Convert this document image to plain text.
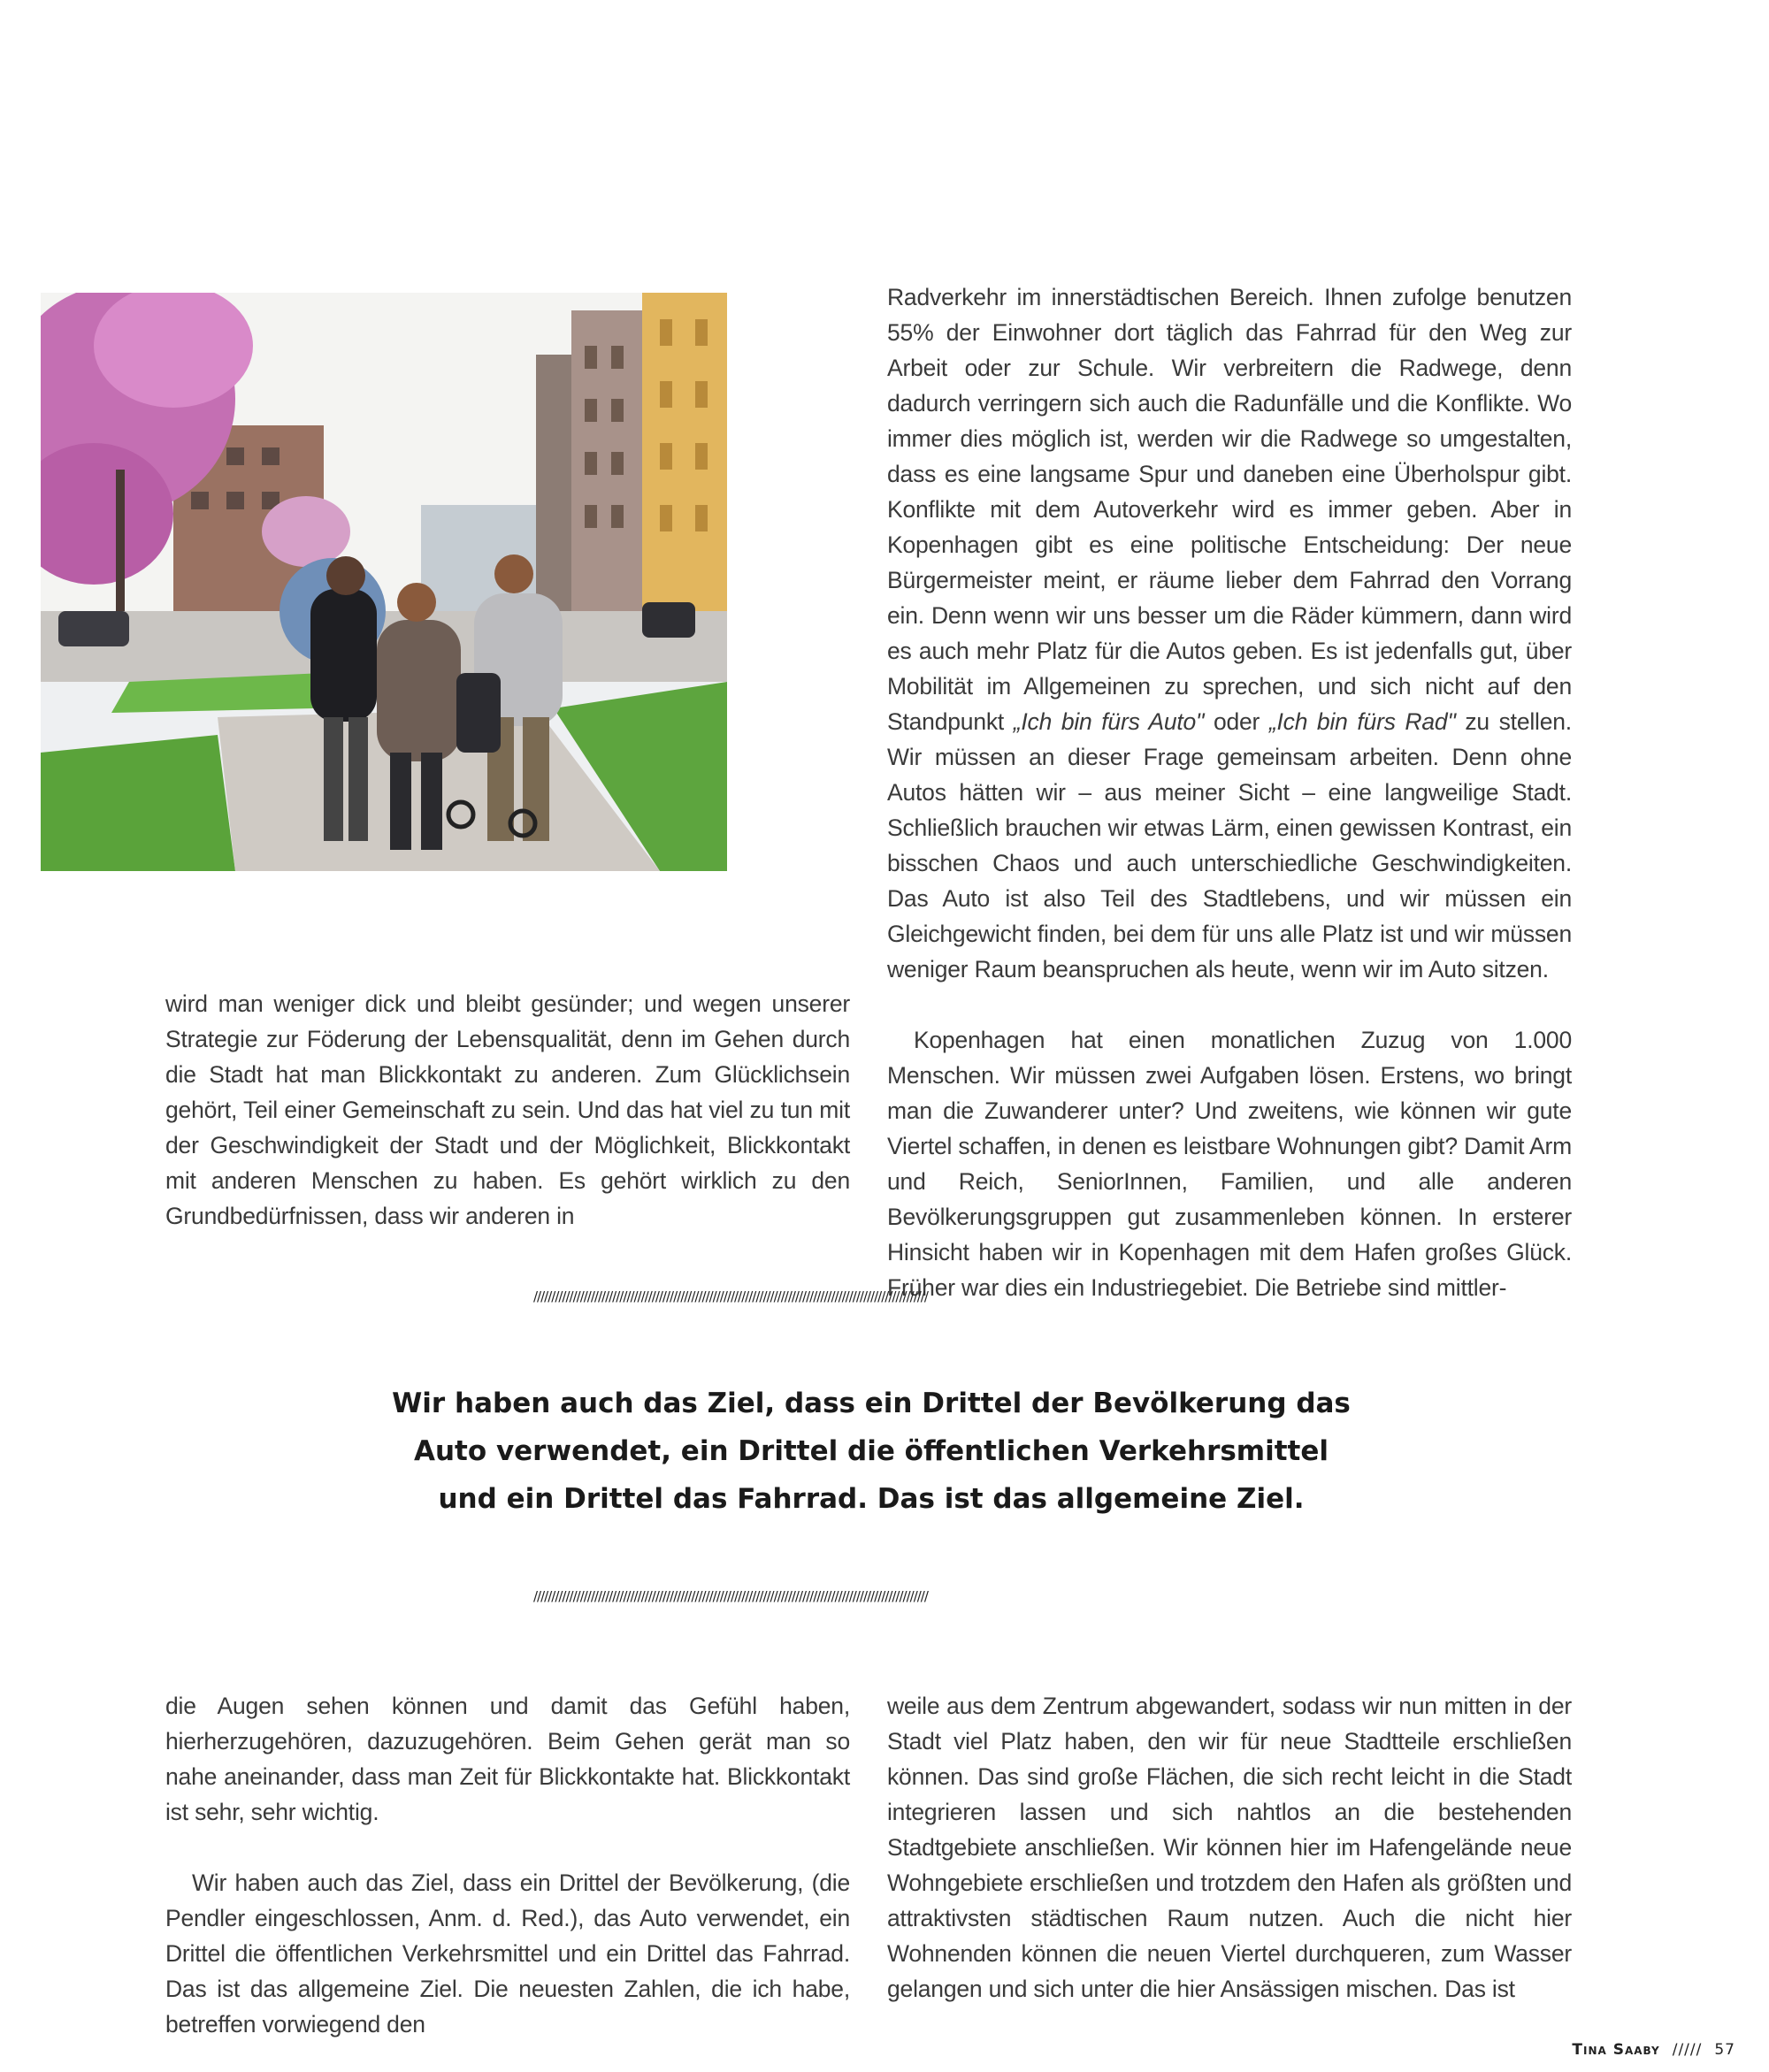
Radverkehr im innerstädtischen Bereich. Ihnen zufolge benutzen 55% der Einwohner dort täglich das Fahrrad für den Weg zur Arbeit oder zur Schule. Wir verbreitern die Radwege, denn dadurch verringern sich auch die Radunfälle und die Konflikte. Wo immer dies möglich ist, werden wir die Radwege so umgestalten, dass es eine langsame Spur und daneben eine Überholspur gibt. Konflikte mit dem Autoverkehr wird es immer geben. Aber in Kopenhagen gibt es eine politische Entscheidung: Der neue Bürgermeister meint, er räume lieber dem Fahrrad den Vorrang ein. Denn wenn wir uns besser um die Räder kümmern, dann wird es auch mehr Platz für die Autos geben. Es ist jedenfalls gut, über Mobilität im Allgemeinen zu sprechen, und sich nicht auf den Standpunkt „Ich bin fürs Auto" oder „Ich bin fürs Rad" zu stellen. Wir müssen an dieser Frage gemeinsam arbeiten. Denn ohne Autos hätten wir – aus meiner Sicht – eine langweilige Stadt. Schließlich brauchen wir etwas Lärm, einen gewissen Kontrast, ein bisschen Chaos und auch unterschiedliche Geschwindigkeiten. Das Auto ist also Teil des Stadtlebens, und wir müssen ein Gleichgewicht finden, bei dem für uns alle Platz ist und wir müssen weniger Raum beanspruchen als heute, wenn wir im Auto sitzen.

Kopenhagen hat einen monatlichen Zuzug von 1.000 Menschen. Wir müssen zwei Aufgaben lösen. Erstens, wo bringt man die Zuwanderer unter? Und zweitens, wie können wir gute Viertel schaffen, in denen es leistbare Wohnungen gibt? Damit Arm und Reich, SeniorInnen, Familien, und alle anderen Bevölkerungsgruppen gut zusammenleben können. In ersterer Hinsicht haben wir in Kopenhagen mit dem Hafen großes Glück. Früher war dies ein Industriegebiet. Die Betriebe sind mittler-

wird man weniger dick und bleibt gesünder; und wegen unserer Strategie zur Föderung der Lebensqualität, denn im Gehen durch die Stadt hat man Blickkontakt zu anderen. Zum Glücklichsein gehört, Teil einer Gemeinschaft zu sein. Und das hat viel zu tun mit der Geschwindigkeit der Stadt und der Möglichkeit, Blickkontakt mit anderen Menschen zu haben. Es gehört wirklich zu den Grundbedürfnissen, dass wir anderen in

//////////////////////////////////////////////////////////////////////////////////////////////////////////////
Wir haben auch das Ziel, dass ein Drittel der Bevölkerung das
Auto verwendet, ein Drittel die öffentlichen Verkehrsmittel
und ein Drittel das Fahrrad. Das ist das allgemeine Ziel.
//////////////////////////////////////////////////////////////////////////////////////////////////////////////

die Augen sehen können und damit das Gefühl haben, hierherzugehören, dazuzugehören. Beim Gehen gerät man so nahe aneinander, dass man Zeit für Blickkontakte hat. Blickkontakt ist sehr, sehr wichtig.

Wir haben auch das Ziel, dass ein Drittel der Bevölkerung, (die Pendler eingeschlossen, Anm. d. Red.), das Auto verwendet, ein Drittel die öffentlichen Verkehrsmittel und ein Drittel das Fahrrad. Das ist das allgemeine Ziel. Die neuesten Zahlen, die ich habe, betreffen vorwiegend den

weile aus dem Zentrum abgewandert, sodass wir nun mitten in der Stadt viel Platz haben, den wir für neue Stadtteile erschließen können. Das sind große Flächen, die sich recht leicht in die Stadt integrieren lassen und sich nahtlos an die bestehenden Stadtgebiete anschließen. Wir können hier im Hafengelände neue Wohngebiete erschließen und trotzdem den Hafen als größten und attraktivsten städtischen Raum nutzen. Auch die nicht hier Wohnenden können die neuen Viertel durchqueren, zum Wasser gelangen und sich unter die hier Ansässigen mischen. Das ist

Tina Saaby ///// 57
